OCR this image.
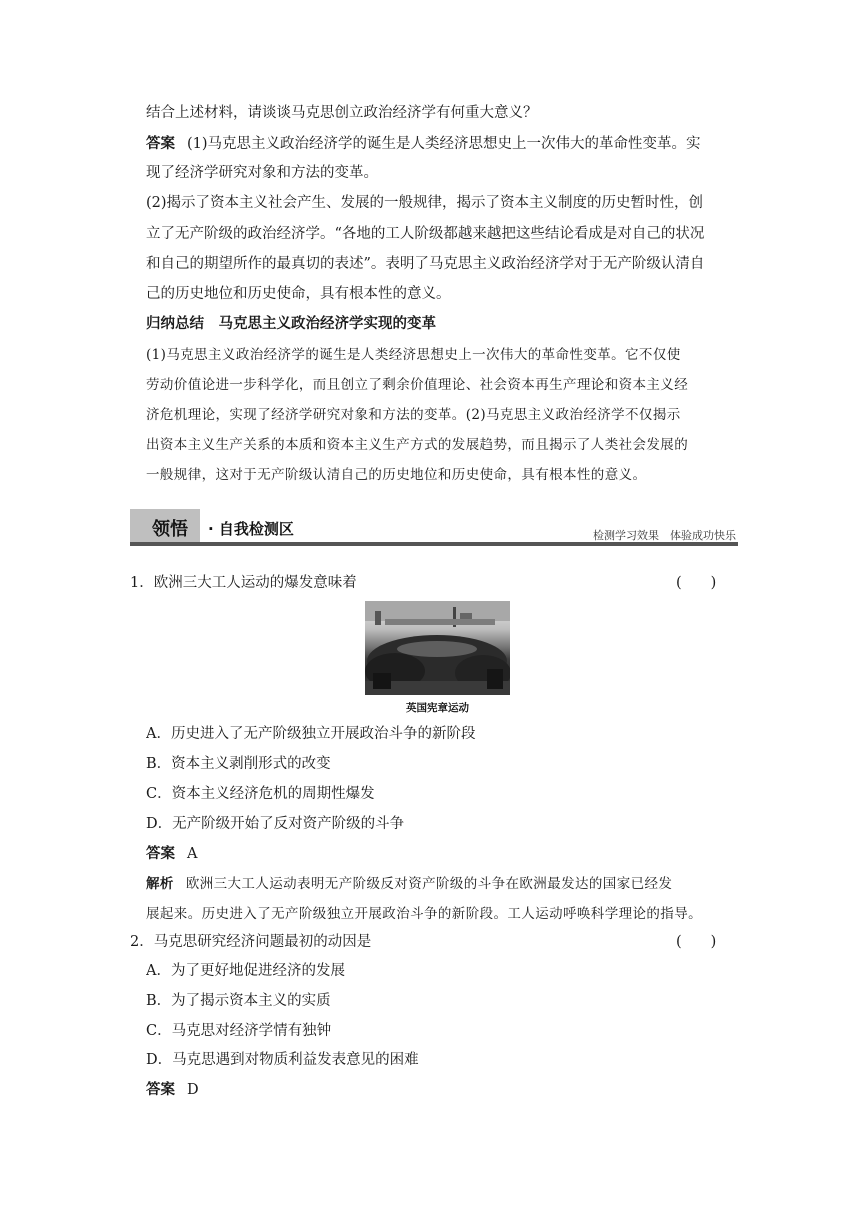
结合上述材料，请谈谈马克思创立政治经济学有何重大意义？
答案 (1)马克思主义政治经济学的诞生是人类经济思想史上一次伟大的革命性变革。实
现了经济学研究对象和方法的变革。
(2)揭示了资本主义社会产生、发展的一般规律，揭示了资本主义制度的历史暂时性，创
立了无产阶级的政治经济学。“各地的工人阶级都越来越把这些结论看成是对自己的状况
和自己的期望所作的最真切的表述”。表明了马克思主义政治经济学对于无产阶级认清自
己的历史地位和历史使命，具有根本性的意义。
归纳总结　马克思主义政治经济学实现的变革
(1)马克思主义政治经济学的诞生是人类经济思想史上一次伟大的革命性变革。它不仅使
劳动价值论进一步科学化，而且创立了剩余价值理论、社会资本再生产理论和资本主义经
济危机理论，实现了经济学研究对象和方法的变革。(2)马克思主义政治经济学不仅揭示
出资本主义生产关系的本质和资本主义生产方式的发展趋势，而且揭示了人类社会发展的
一般规律，这对于无产阶级认清自己的历史地位和历史使命，具有根本性的意义。
领悟 · 自我检测区	检测学习效果　体验成功快乐
1．欧洲三大工人运动的爆发意味着	(　　)
英国宪章运动
A．历史进入了无产阶级独立开展政治斗争的新阶段
B．资本主义剥削形式的改变
C．资本主义经济危机的周期性爆发
D．无产阶级开始了反对资产阶级的斗争
答案 A
解析 欧洲三大工人运动表明无产阶级反对资产阶级的斗争在欧洲最发达的国家已经发
展起来。历史进入了无产阶级独立开展政治斗争的新阶段。工人运动呼唤科学理论的指导。
2．马克思研究经济问题最初的动因是	(　　)
A．为了更好地促进经济的发展
B．为了揭示资本主义的实质
C．马克思对经济学情有独钟
D．马克思遇到对物质利益发表意见的困难
答案 D
